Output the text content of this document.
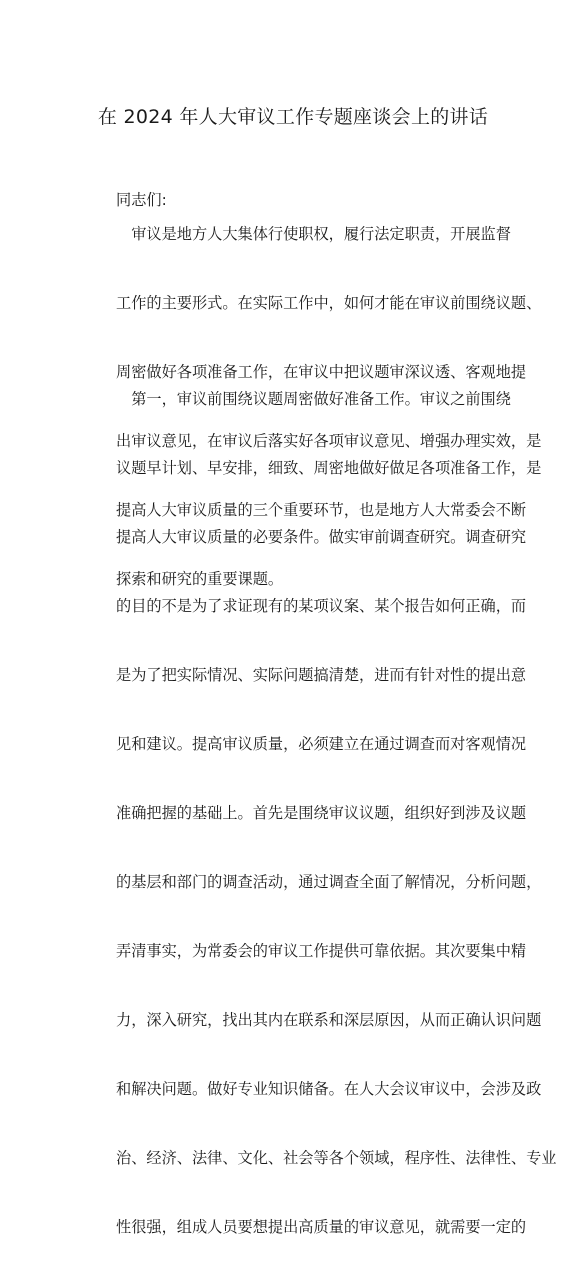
在 2024 年人大审议工作专题座谈会上的讲话

同志们:

　审议是地方人大集体行使职权，履行法定职责，开展监督

工作的主要形式。在实际工作中，如何才能在审议前围绕议题、

周密做好各项准备工作，在审议中把议题审深议透、客观地提

出审议意见，在审议后落实好各项审议意见、增强办理实效，是

提高人大审议质量的三个重要环节，也是地方人大常委会不断

探索和研究的重要课题。

　第一，审议前围绕议题周密做好准备工作。审议之前围绕

议题早计划、早安排，细致、周密地做好做足各项准备工作，是

提高人大审议质量的必要条件。做实审前调查研究。调查研究

的目的不是为了求证现有的某项议案、某个报告如何正确，而

是为了把实际情况、实际问题搞清楚，进而有针对性的提出意

见和建议。提高审议质量，必须建立在通过调查而对客观情况

准确把握的基础上。首先是围绕审议议题，组织好到涉及议题

的基层和部门的调查活动，通过调查全面了解情况，分析问题，

弄清事实，为常委会的审议工作提供可靠依据。其次要集中精

力，深入研究，找出其内在联系和深层原因，从而正确认识问题

和解决问题。做好专业知识储备。在人大会议审议中，会涉及政

治、经济、法律、文化、社会等各个领域，程序性、法律性、专业

性很强，组成人员要想提出高质量的审议意见，就需要一定的
